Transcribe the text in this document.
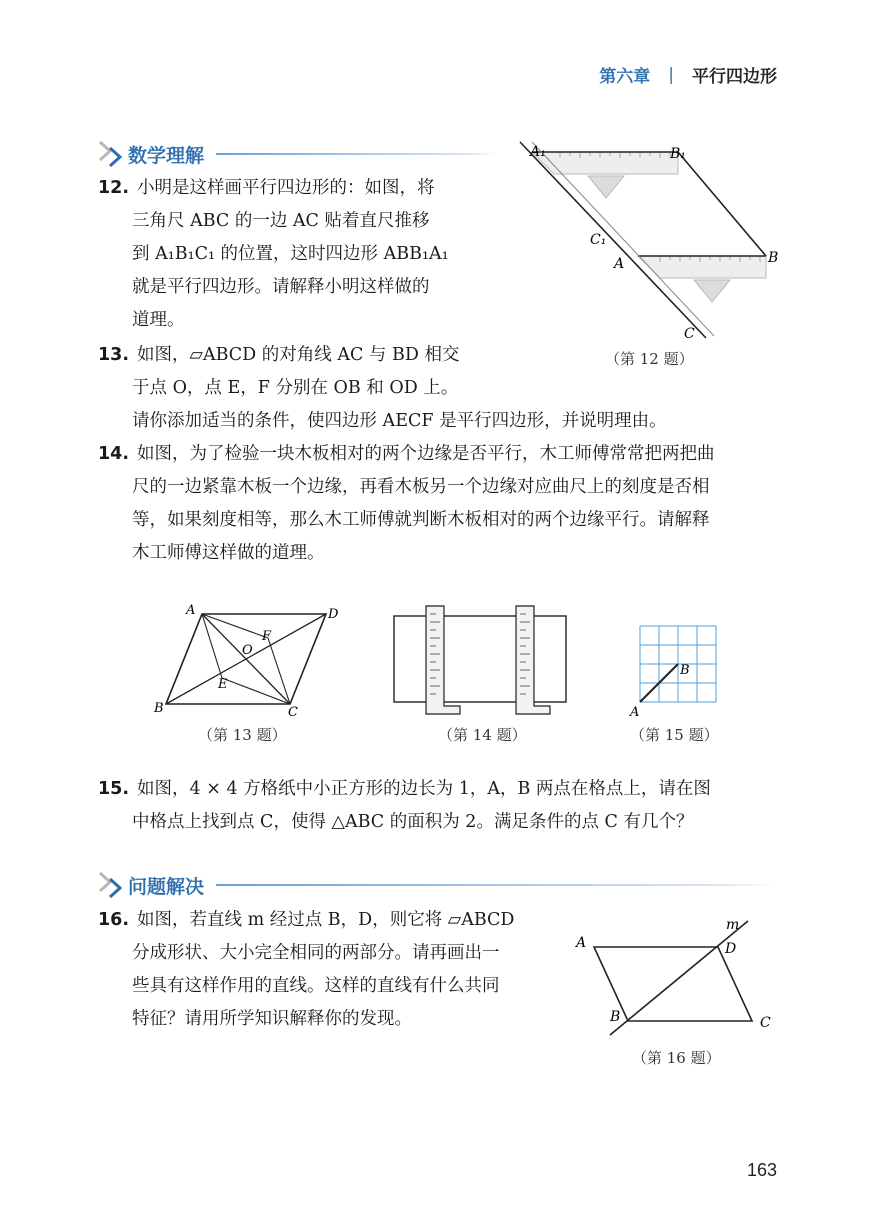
第六章 | 平行四边形
数学理解

12. 小明是这样画平行四边形的：如图，将

三角尺 ABC 的一边 AC 贴着直尺推移

到 A₁B₁C₁ 的位置，这时四边形 ABB₁A₁

就是平行四边形。请解释小明这样做的

道理。

A₁	B₁
C₁
A	B
C
（第 12 题）

13. 如图，▱ABCD 的对角线 AC 与 BD 相交

于点 O，点 E，F 分别在 OB 和 OD 上。

请你添加适当的条件，使四边形 AECF 是平行四边形，并说明理由。

14. 如图，为了检验一块木板相对的两个边缘是否平行，木工师傅常常把两把曲

尺的一边紧靠木板一个边缘，再看木板另一个边缘对应曲尺上的刻度是否相

等，如果刻度相等，那么木工师傅就判断木板相对的两个边缘平行。请解释

木工师傅这样做的道理。

A	D
B	C
F
O
E
（第 13 题）	（第 14 题）
A
B
（第 15 题）

15. 如图，4 × 4 方格纸中小正方形的边长为 1，A，B 两点在格点上，请在图

中格点上找到点 C，使得 △ABC 的面积为 2。满足条件的点 C 有几个？

问题解决

16. 如图，若直线 m 经过点 B，D，则它将 ▱ABCD

分成形状、大小完全相同的两部分。请再画出一

些具有这样作用的直线。这样的直线有什么共同

特征？请用所学知识解释你的发现。

A	D
B	C
m
（第 16 题）
163
